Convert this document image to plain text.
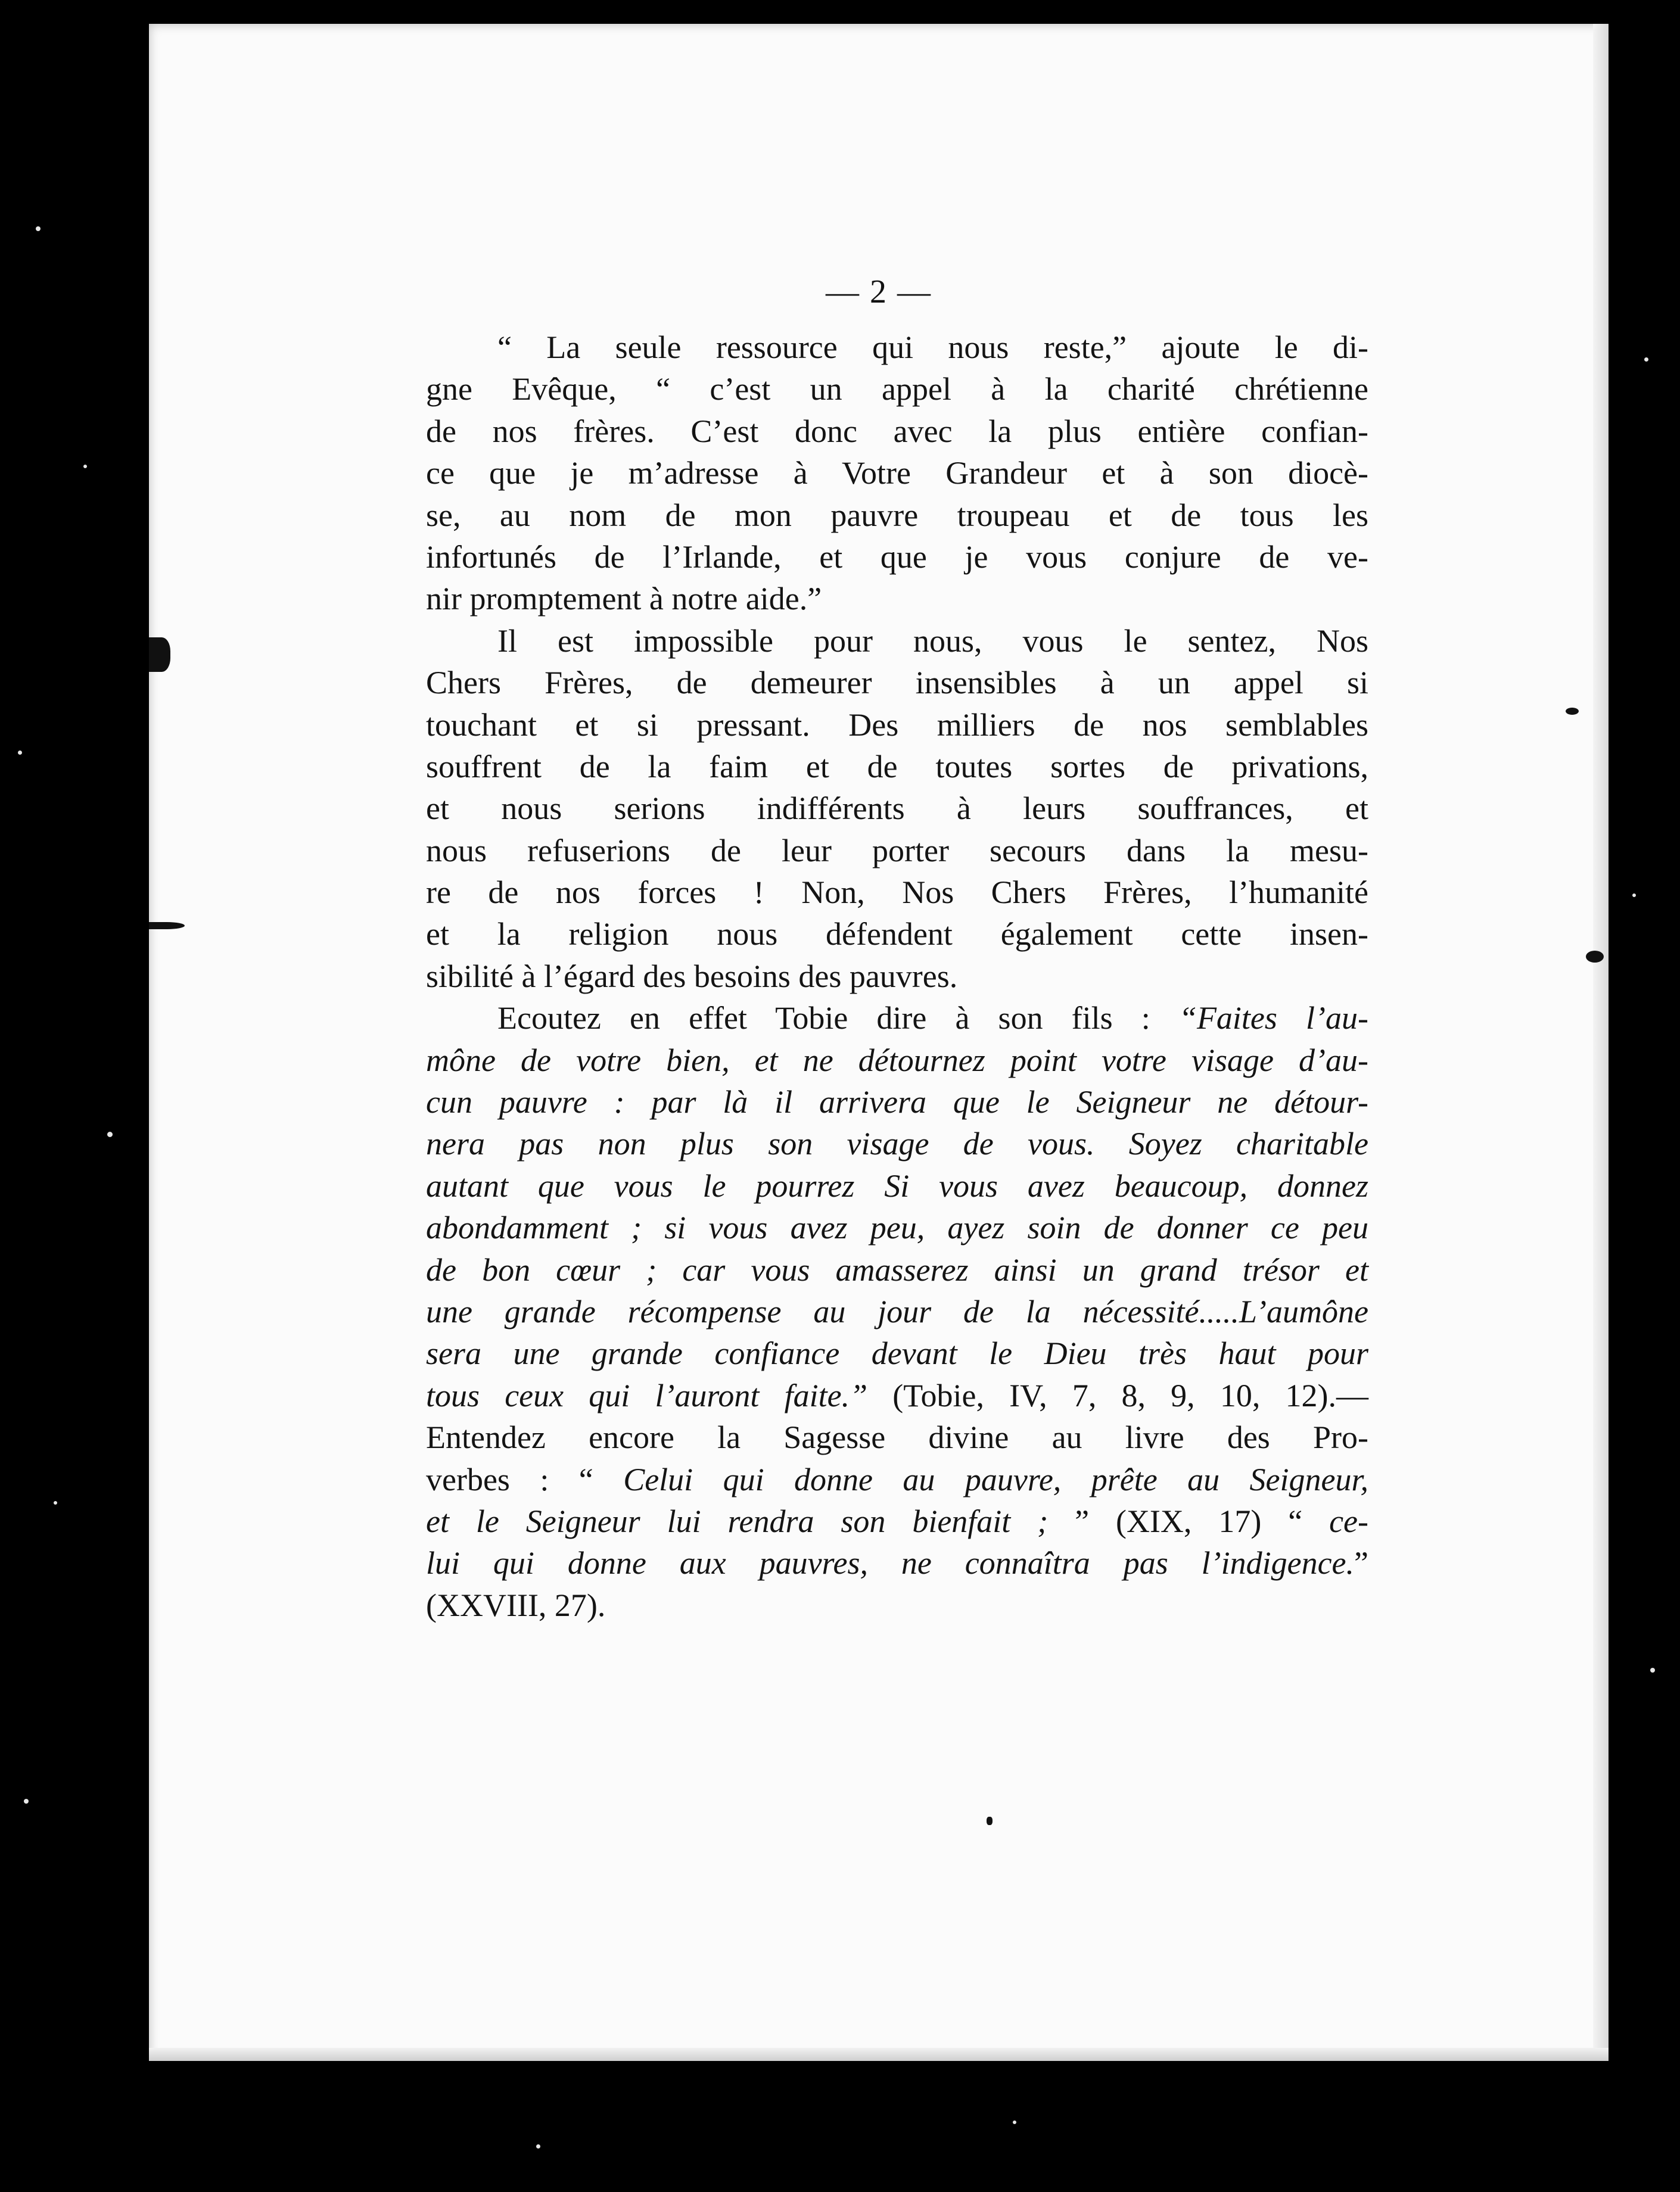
— 2 —
“ La seule ressource qui nous reste,” ajoute le di-
gne Evêque, “ c’est un appel à la charité chrétienne
de nos frères. C’est donc avec la plus entière confian-
ce que je m’adresse à Votre Grandeur et à son diocè-
se, au nom de mon pauvre troupeau et de tous les
infortunés de l’Irlande, et que je vous conjure de ve-
nir promptement à notre aide.”
Il est impossible pour nous, vous le sentez, Nos
Chers Frères, de demeurer insensibles à un appel si
touchant et si pressant. Des milliers de nos semblables
souffrent de la faim et de toutes sortes de privations,
et nous serions indifférents à leurs souffrances, et
nous refuserions de leur porter secours dans la mesu-
re de nos forces ! Non, Nos Chers Frères, l’humanité
et la religion nous défendent également cette insen-
sibilité à l’égard des besoins des pauvres.
Ecoutez en effet Tobie dire à son fils : “Faites l’au-
mône de votre bien, et ne détournez point votre visage d’au-
cun pauvre : par là il arrivera que le Seigneur ne détour-
nera pas non plus son visage de vous. Soyez charitable
autant que vous le pourrez Si vous avez beaucoup, donnez
abondamment ; si vous avez peu, ayez soin de donner ce peu
de bon cœur ; car vous amasserez ainsi un grand trésor et
une grande récompense au jour de la nécessité.....L’aumône
sera une grande confiance devant le Dieu très haut pour
tous ceux qui l’auront faite.” (Tobie, IV, 7, 8, 9, 10, 12).—
Entendez encore la Sagesse divine au livre des Pro-
verbes : “ Celui qui donne au pauvre, prête au Seigneur,
et le Seigneur lui rendra son bienfait ; ” (XIX, 17) “ ce-
lui qui donne aux pauvres, ne connaîtra pas l’indigence.”
(XXVIII, 27).
